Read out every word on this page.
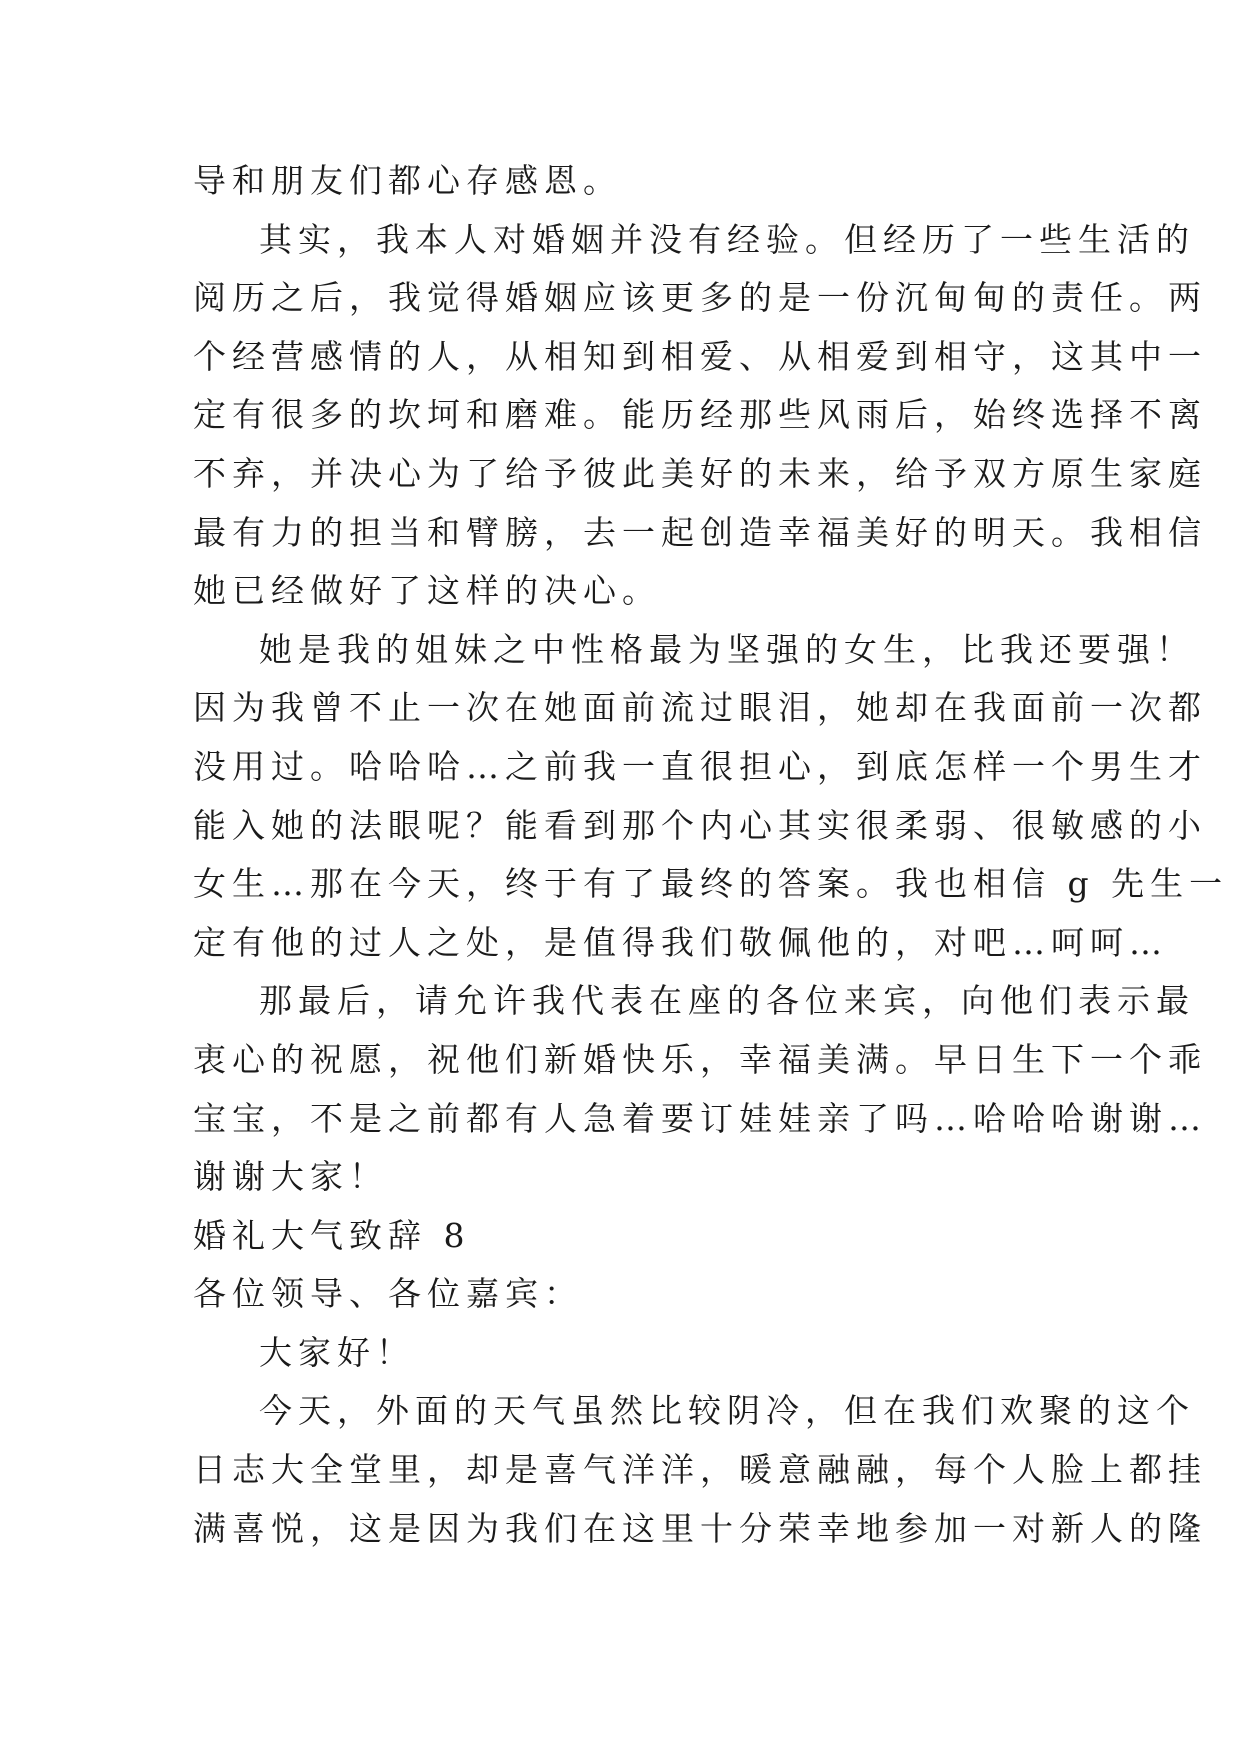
导和朋友们都心存感恩。

其实，我本人对婚姻并没有经验。但经历了一些生活的

阅历之后，我觉得婚姻应该更多的是一份沉甸甸的责任。两

个经营感情的人，从相知到相爱、从相爱到相守，这其中一

定有很多的坎坷和磨难。能历经那些风雨后，始终选择不离

不弃，并决心为了给予彼此美好的未来，给予双方原生家庭

最有力的担当和臂膀，去一起创造幸福美好的明天。我相信

她已经做好了这样的决心。

她是我的姐妹之中性格最为坚强的女生，比我还要强！

因为我曾不止一次在她面前流过眼泪，她却在我面前一次都

没用过。哈哈哈…之前我一直很担心，到底怎样一个男生才

能入她的法眼呢？能看到那个内心其实很柔弱、很敏感的小

女生…那在今天，终于有了最终的答案。我也相信 g 先生一

定有他的过人之处，是值得我们敬佩他的，对吧…呵呵…

那最后，请允许我代表在座的各位来宾，向他们表示最

衷心的祝愿，祝他们新婚快乐，幸福美满。早日生下一个乖

宝宝，不是之前都有人急着要订娃娃亲了吗…哈哈哈谢谢…

谢谢大家！

婚礼大气致辞 8

各位领导、各位嘉宾：

大家好！

今天，外面的天气虽然比较阴冷，但在我们欢聚的这个

日志大全堂里，却是喜气洋洋，暖意融融，每个人脸上都挂

满喜悦，这是因为我们在这里十分荣幸地参加一对新人的隆
